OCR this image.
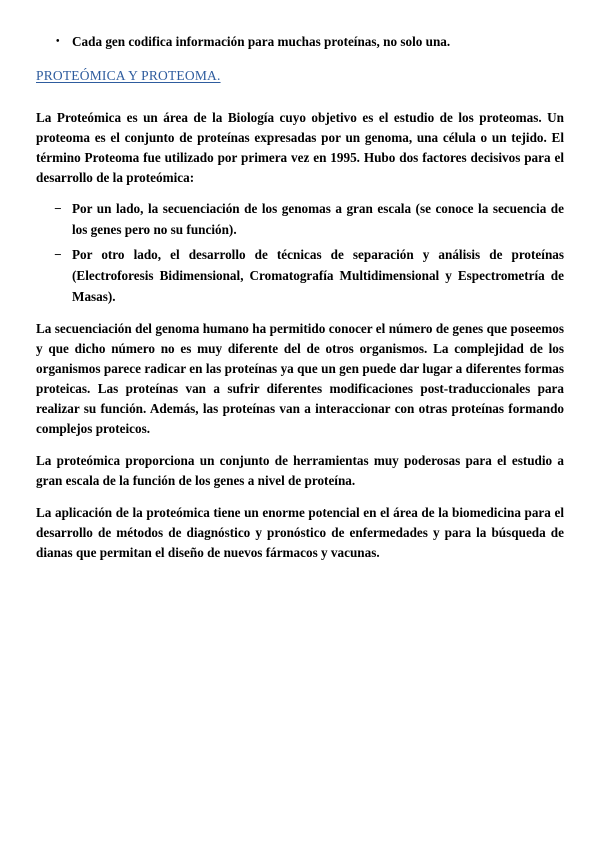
• Cada gen codifica información para muchas proteínas, no solo una.
PROTEÓMICA Y PROTEOMA.

La Proteómica es un área de la Biología cuyo objetivo es el estudio de los proteomas. Un proteoma es el conjunto de proteínas expresadas por un genoma, una célula o un tejido. El término Proteoma fue utilizado por primera vez en 1995. Hubo dos factores decisivos para el desarrollo de la proteómica:

− Por un lado, la secuenciación de los genomas a gran escala (se conoce la secuencia de los genes pero no su función).
− Por otro lado, el desarrollo de técnicas de separación y análisis de proteínas (Electroforesis Bidimensional, Cromatografía Multidimensional y Espectrometría de Masas).

La secuenciación del genoma humano ha permitido conocer el número de genes que poseemos y que dicho número no es muy diferente del de otros organismos. La complejidad de los organismos parece radicar en las proteínas ya que un gen puede dar lugar a diferentes formas proteicas. Las proteínas van a sufrir diferentes modificaciones post-traduccionales para realizar su función. Además, las proteínas van a interaccionar con otras proteínas formando complejos proteicos.

La proteómica proporciona un conjunto de herramientas muy poderosas para el estudio a gran escala de la función de los genes a nivel de proteína.

La aplicación de la proteómica tiene un enorme potencial en el área de la biomedicina para el desarrollo de métodos de diagnóstico y pronóstico de enfermedades y para la búsqueda de dianas que permitan el diseño de nuevos fármacos y vacunas.
